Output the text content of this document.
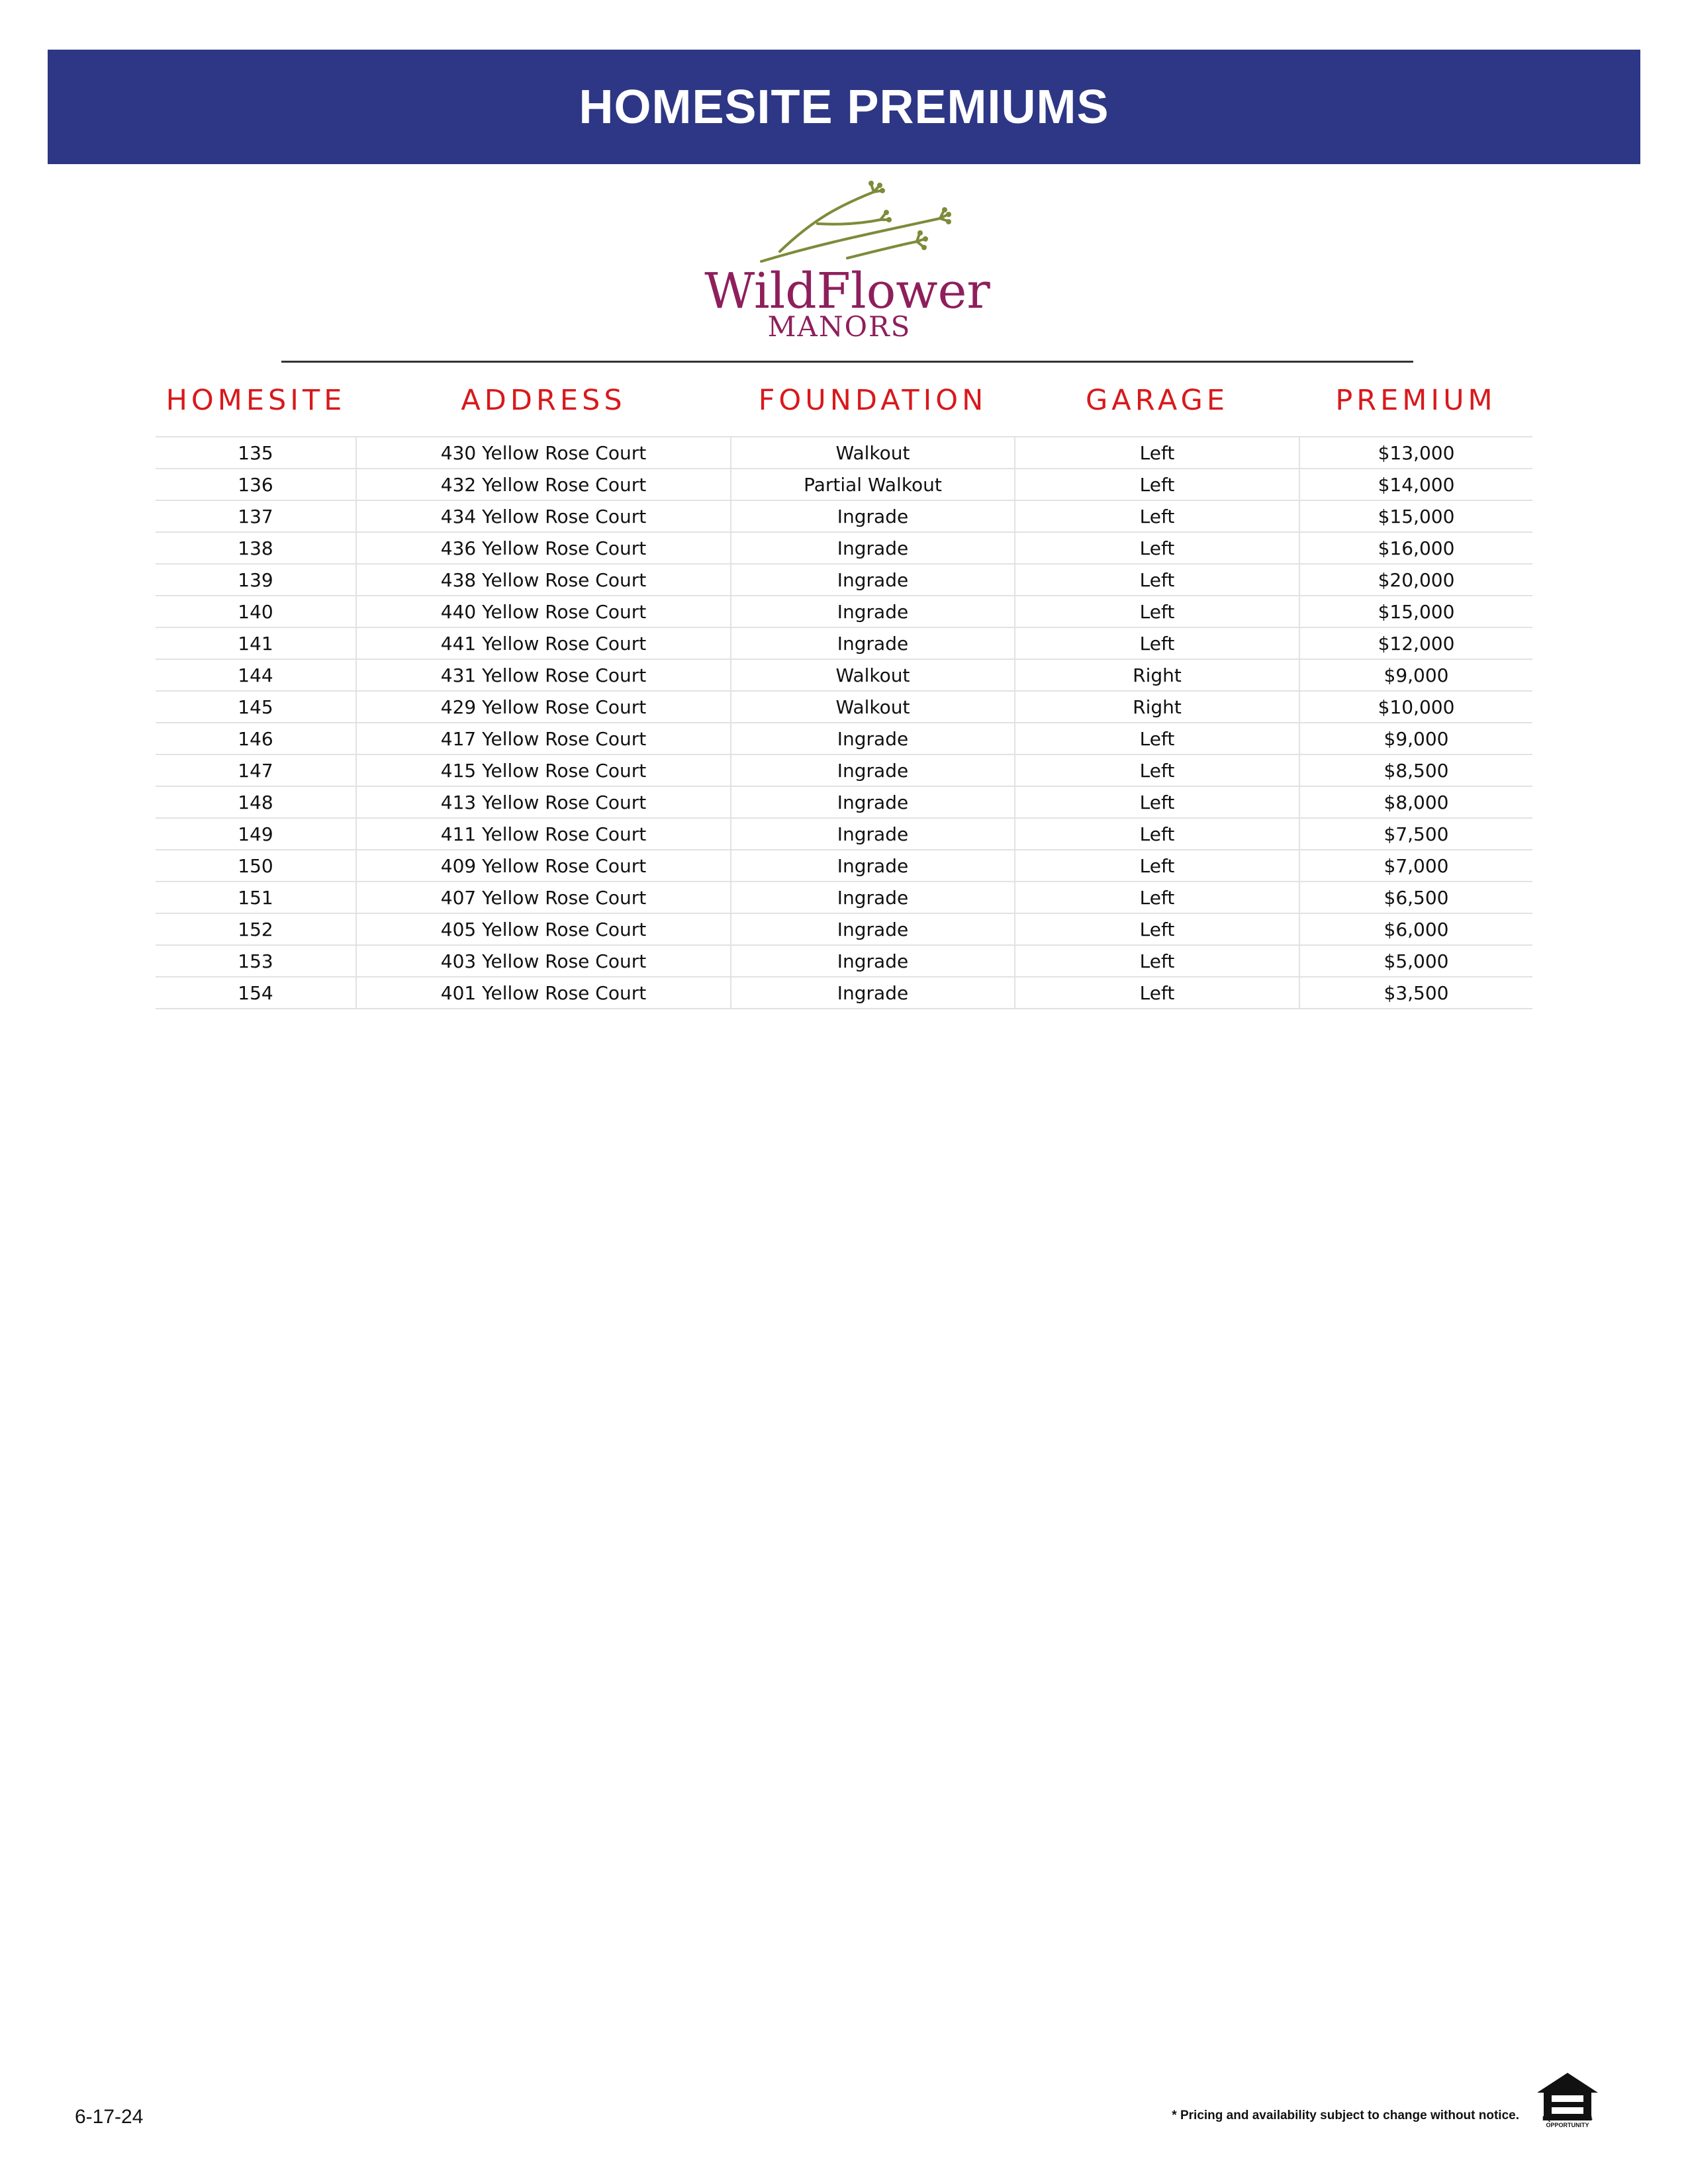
HOMESITE PREMIUMS
WildFlower
MANORS
HOMESITE	ADDRESS	FOUNDATION	GARAGE	PREMIUM
135	430 Yellow Rose Court	Walkout	Left	$13,000
136	432 Yellow Rose Court	Partial Walkout	Left	$14,000
137	434 Yellow Rose Court	Ingrade	Left	$15,000
138	436 Yellow Rose Court	Ingrade	Left	$16,000
139	438 Yellow Rose Court	Ingrade	Left	$20,000
140	440 Yellow Rose Court	Ingrade	Left	$15,000
141	441 Yellow Rose Court	Ingrade	Left	$12,000
144	431 Yellow Rose Court	Walkout	Right	$9,000
145	429 Yellow Rose Court	Walkout	Right	$10,000
146	417 Yellow Rose Court	Ingrade	Left	$9,000
147	415 Yellow Rose Court	Ingrade	Left	$8,500
148	413 Yellow Rose Court	Ingrade	Left	$8,000
149	411 Yellow Rose Court	Ingrade	Left	$7,500
150	409 Yellow Rose Court	Ingrade	Left	$7,000
151	407 Yellow Rose Court	Ingrade	Left	$6,500
152	405 Yellow Rose Court	Ingrade	Left	$6,000
153	403 Yellow Rose Court	Ingrade	Left	$5,000
154	401 Yellow Rose Court	Ingrade	Left	$3,500
6-17-24	* Pricing and availability subject to change without notice.	EQUAL HOUSING
OPPORTUNITY
